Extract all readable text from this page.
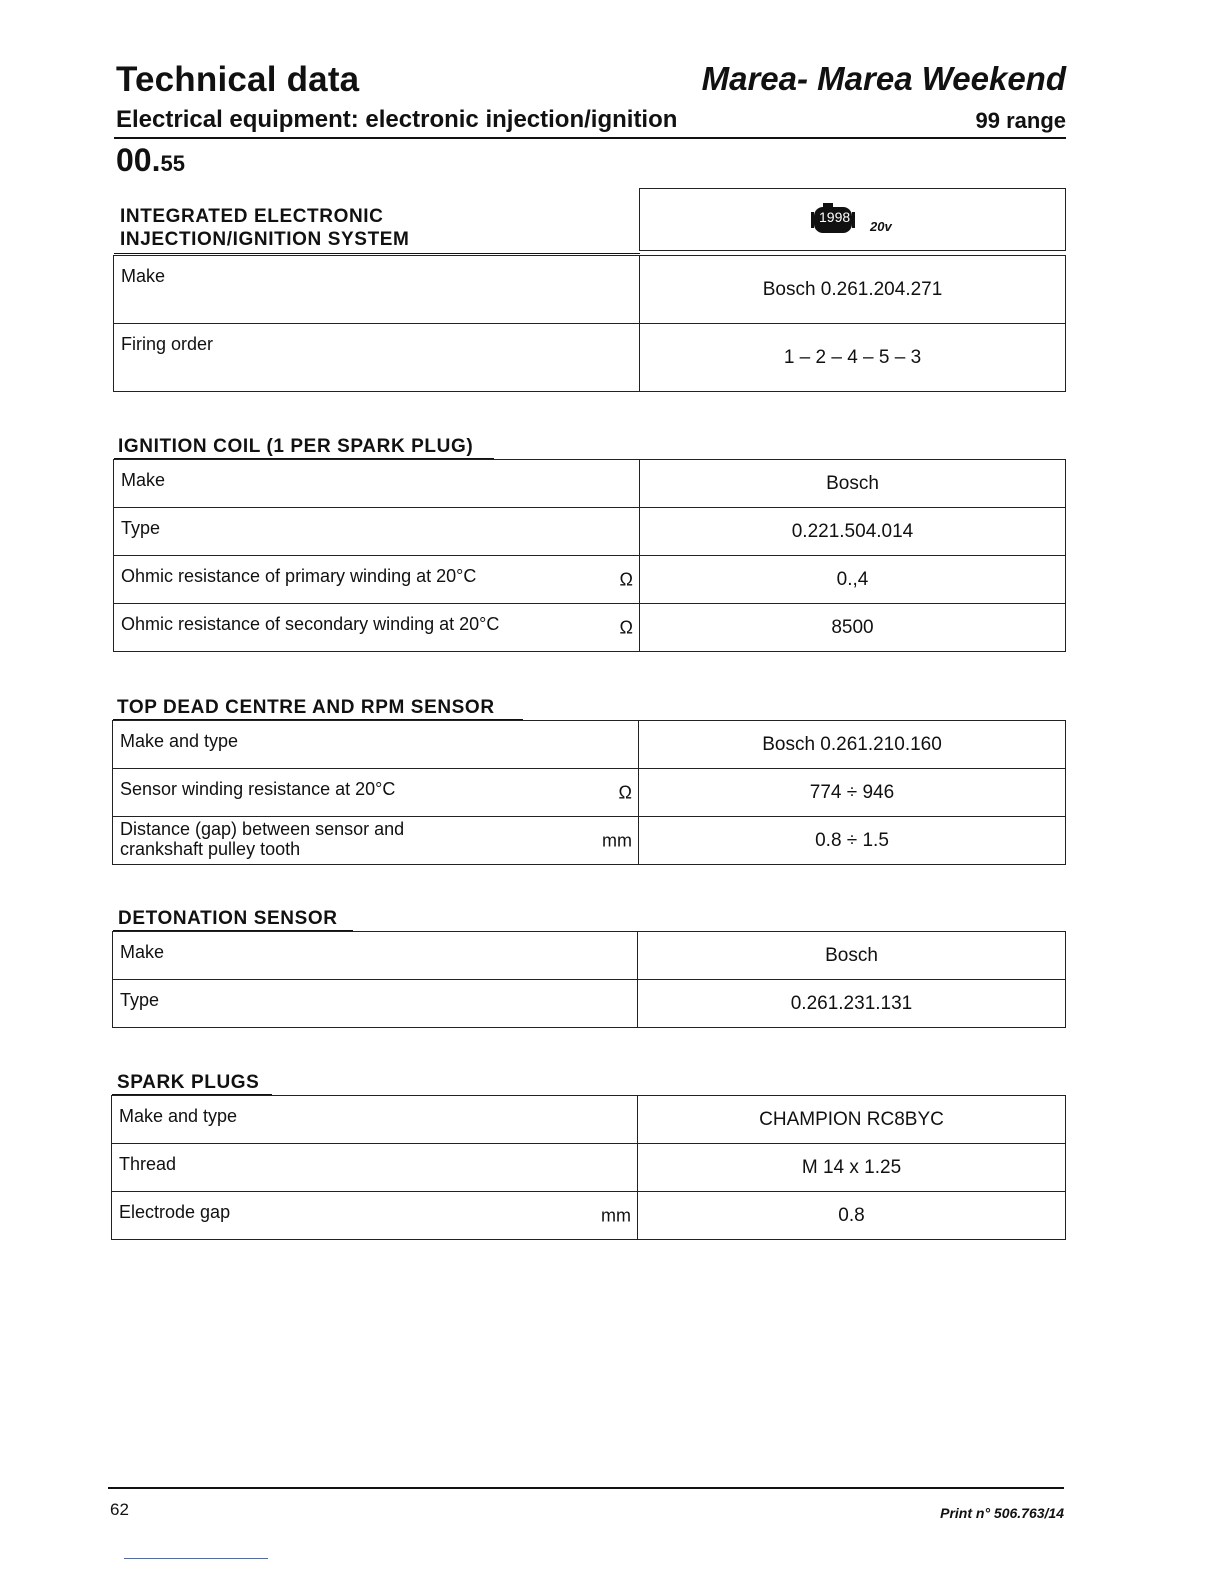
Technical data	Marea- Marea Weekend
Electrical equipment: electronic injection/ignition	99 range
00.55
INTEGRATED ELECTRONIC
INJECTION/IGNITION SYSTEM
1998
20v
Make	Bosch 0.261.204.271

Firing order	1 – 2 – 4 – 5 – 3
IGNITION COIL (1 PER SPARK PLUG)
Make	Bosch

Type	0.221.504.014

Ohmic resistance of primary winding at 20°C Ω	0.,4

Ohmic resistance of secondary winding at 20°C Ω	8500
TOP DEAD CENTRE AND RPM SENSOR
Make and type	Bosch 0.261.210.160

Sensor winding resistance at 20°C Ω	774 ÷ 946

Distance (gap) between sensor and
crankshaft pulley tooth mm	0.8 ÷ 1.5
DETONATION SENSOR
Make	Bosch

Type	0.261.231.131
SPARK PLUGS
Make and type	CHAMPION RC8BYC

Thread	M 14 x 1.25

Electrode gap mm	0.8
62	Print n° 506.763/14
